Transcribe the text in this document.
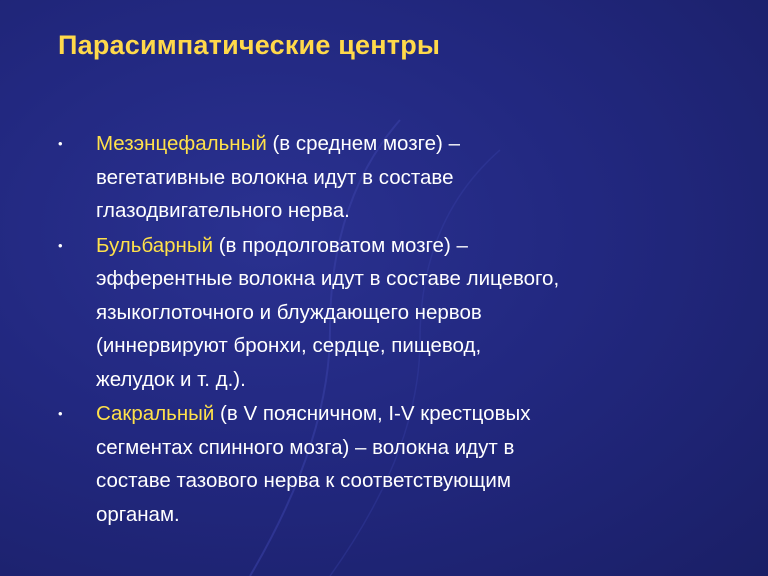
Парасимпатические центры
• Мезэнцефальный (в среднем мозге) –
вегетативные волокна идут в составе
глазодвигательного нерва.
• Бульбарный (в продолговатом мозге) –
эфферентные волокна идут в составе лицевого,
языкоглоточного и блуждающего нервов
(иннервируют бронхи, сердце, пищевод,
желудок и т. д.).
• Сакральный (в V поясничном, I-V крестцовых
сегментах спинного мозга) – волокна идут в
составе тазового нерва к соответствующим
органам.
